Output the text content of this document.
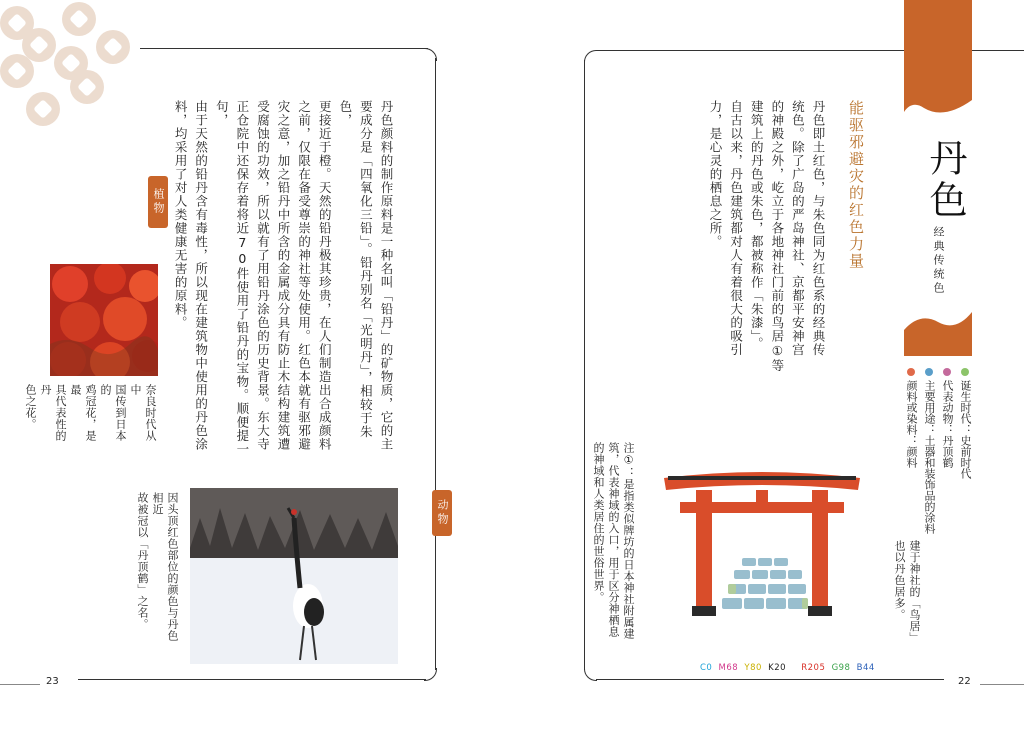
23	22
丹色颜料的制作原料是一种名叫「铅丹」的矿物质，它的主
要成分是「四氧化三铅」。铅丹别名「光明丹」，相较于朱色，
更接近于橙。天然的铅丹极其珍贵，在人们制造出合成颜料
之前，仅限在备受尊崇的神社等处使用。红色本就有驱邪避
灾之意，加之铅丹中所含的金属成分具有防止木结构建筑遭
受腐蚀的功效，所以就有了用铅丹涂色的历史背景。东大寺
正仓院中还保存着将近70件使用了铅丹的宝物。顺便提一句，
由于天然的铅丹含有毒性，所以现在建筑物中使用的丹色涂
料，均采用了对人类健康无害的原料。
植物
奈良时代从中
国传到日本的
鸡冠花，是最
具代表性的丹
色之花。
动物
因头顶红色部位的颜色与丹色相近
故被冠以「丹顶鹤」之名。
丹色
经典传统色
能驱邪避灾的红色力量
丹色即土红色，与朱色同为红色系的经典传
统色。除了广岛的严岛神社、京都平安神宫
的神殿之外，屹立于各地神社门前的鸟居①等
建筑上的丹色或朱色，都被称作「朱漆」。
自古以来，丹色建筑都对人有着很大的吸引
力，是心灵的栖息之所。

诞生时代：史前时代

代表动物：丹顶鹤

主要用途：土器和装饰品的涂料

颜料或染料：颜料

建于神社的「鸟居」
也以丹色居多。
注①：是指类似牌坊的日本神社附属建
筑，代表神域的入口，用于区分神栖息
的神域和人类居住的世俗世界。
C0 M68 Y80 K20 R205 G98 B44
